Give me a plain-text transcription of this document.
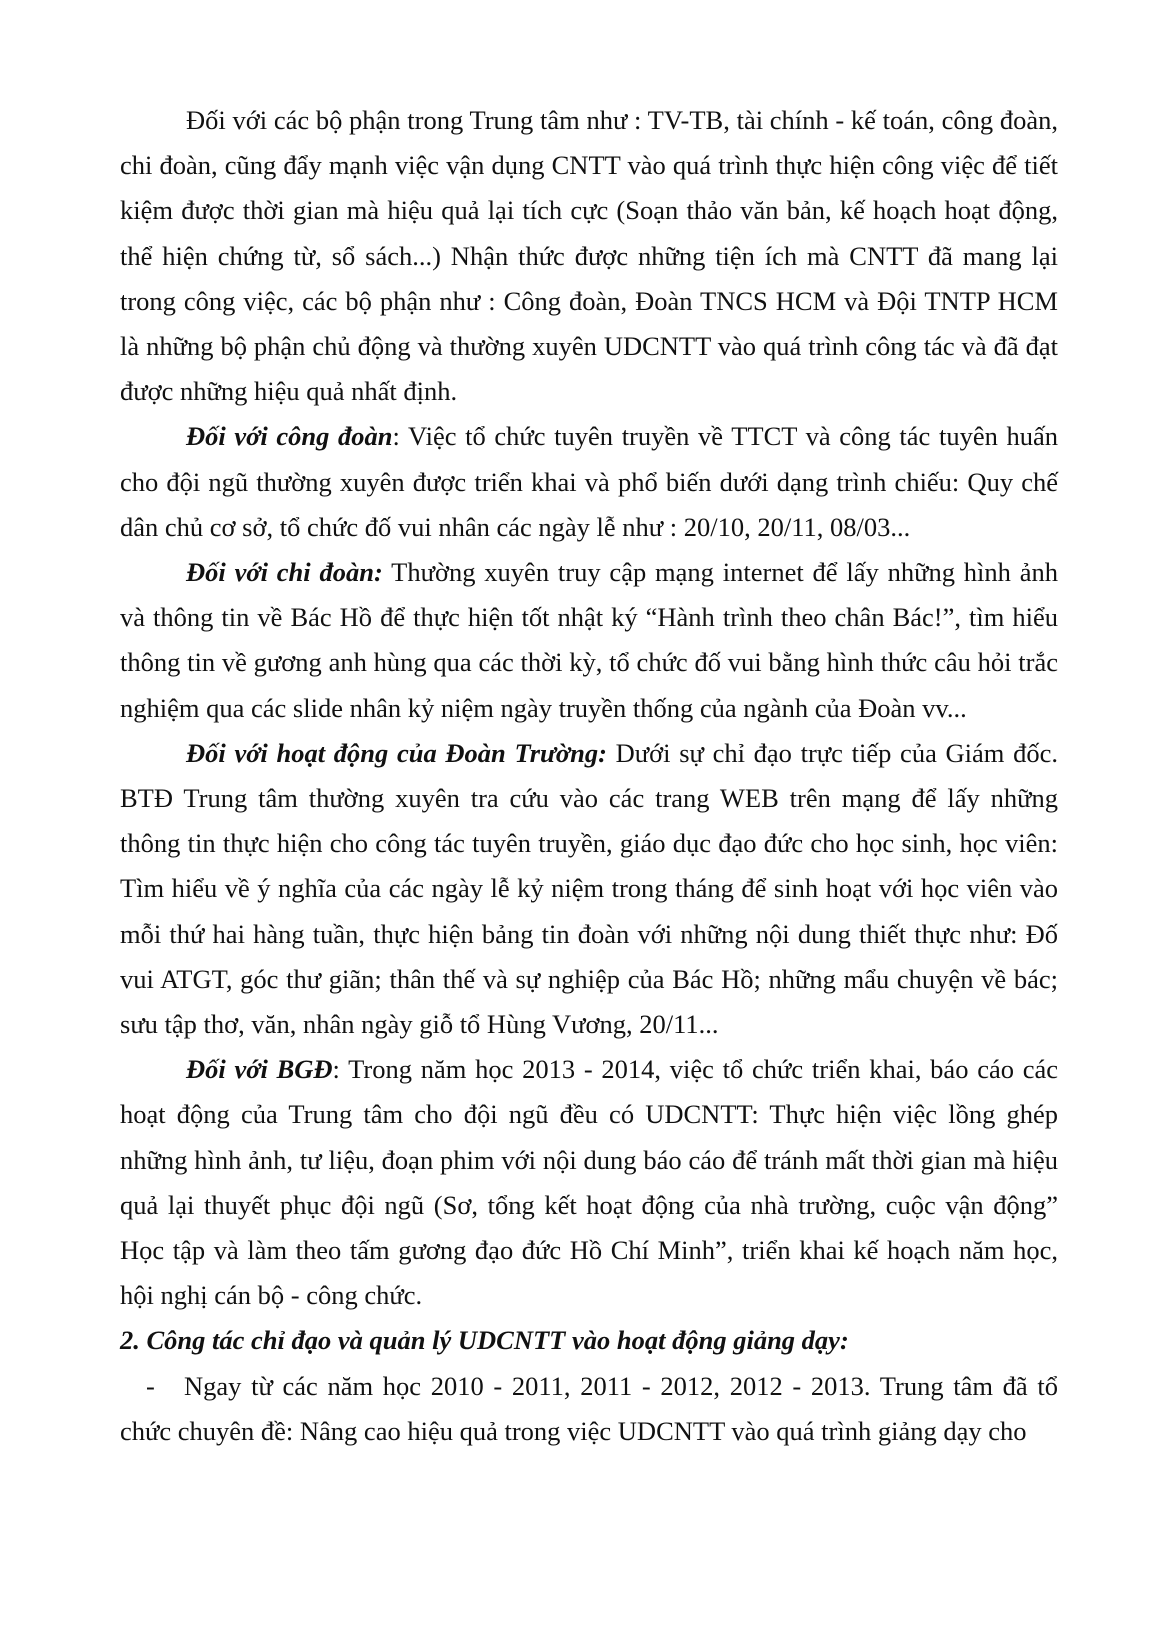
Đối với các bộ phận trong Trung tâm như : TV-TB, tài chính - kế toán, công đoàn, chi đoàn, cũng đẩy mạnh việc vận dụng CNTT vào quá trình thực hiện công việc để tiết kiệm được thời gian mà hiệu quả lại tích cực (Soạn thảo văn bản, kế hoạch hoạt động, thể hiện chứng từ, sổ sách...) Nhận thức được những tiện ích mà CNTT đã mang lại trong công việc, các bộ phận như : Công đoàn, Đoàn TNCS HCM và Đội TNTP HCM là những bộ phận chủ động và thường xuyên UDCNTT vào quá trình công tác và đã đạt được những hiệu quả nhất định.

Đối với công đoàn: Việc tổ chức tuyên truyền về TTCT và công tác tuyên huấn cho đội ngũ thường xuyên được triển khai và phổ biến dưới dạng trình chiếu: Quy chế dân chủ cơ sở, tổ chức đố vui nhân các ngày lễ như : 20/10, 20/11, 08/03...

Đối với chi đoàn: Thường xuyên truy cập mạng internet để lấy những hình ảnh và thông tin về Bác Hồ để thực hiện tốt nhật ký “Hành trình theo chân Bác!”, tìm hiểu thông tin về gương anh hùng qua các thời kỳ, tổ chức đố vui bằng hình thức câu hỏi trắc nghiệm qua các slide nhân kỷ niệm ngày truyền thống của ngành của Đoàn vv...

Đối với hoạt động của Đoàn Trường: Dưới sự chỉ đạo trực tiếp của Giám đốc. BTĐ Trung tâm thường xuyên tra cứu vào các trang WEB trên mạng để lấy những thông tin thực hiện cho công tác tuyên truyền, giáo dục đạo đức cho học sinh, học viên: Tìm hiểu về ý nghĩa của các ngày lễ kỷ niệm trong tháng để sinh hoạt với học viên vào mỗi thứ hai hàng tuần, thực hiện bảng tin đoàn với những nội dung thiết thực như: Đố vui ATGT, góc thư giãn; thân thế và sự nghiệp của Bác Hồ; những mẩu chuyện về bác; sưu tập thơ, văn, nhân ngày giỗ tổ Hùng Vương, 20/11...

Đối với BGĐ: Trong năm học 2013 - 2014, việc tổ chức triển khai, báo cáo các hoạt động của Trung tâm cho đội ngũ đều có UDCNTT: Thực hiện việc lồng ghép những hình ảnh, tư liệu, đoạn phim với nội dung báo cáo để tránh mất thời gian mà hiệu quả lại thuyết phục đội ngũ (Sơ, tổng kết hoạt động của nhà trường, cuộc vận động” Học tập và làm theo tấm gương đạo đức Hồ Chí Minh”, triển khai kế hoạch năm học, hội nghị cán bộ - công chức.

2. Công tác chỉ đạo và quản lý UDCNTT vào hoạt động giảng dạy:

- Ngay từ các năm học 2010 - 2011, 2011 - 2012, 2012 - 2013. Trung tâm đã tổ chức chuyên đề: Nâng cao hiệu quả trong việc UDCNTT vào quá trình giảng dạy cho
